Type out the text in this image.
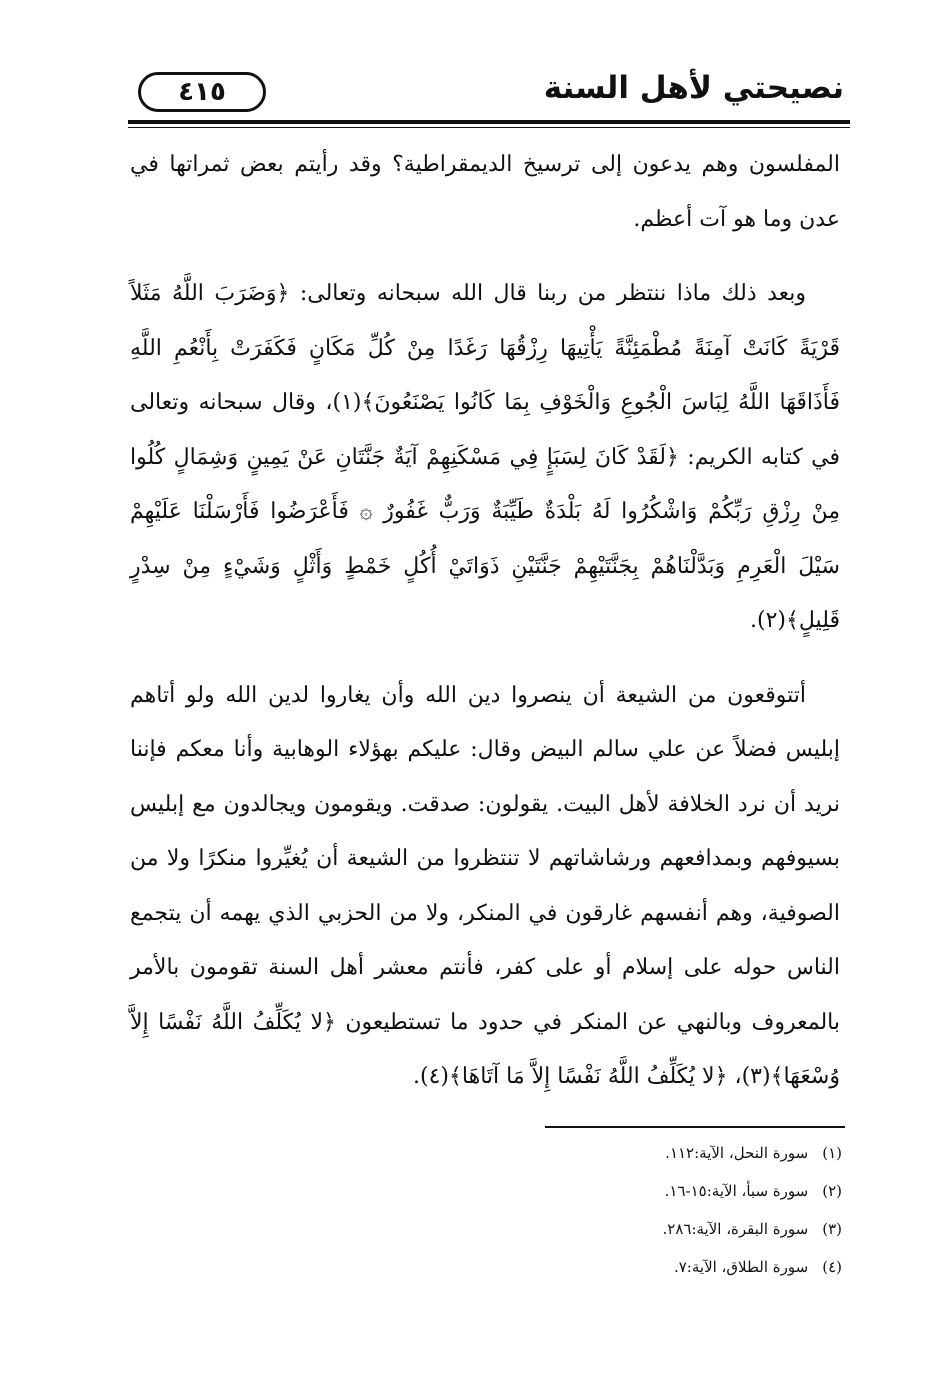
نصيحتي لأهل السنة
٤١٥

المفلسون وهم يدعون إلى ترسيخ الديمقراطية؟ وقد رأيتم بعض ثمراتها في عدن وما هو آت أعظم.

وبعد ذلك ماذا ننتظر من ربنا قال الله سبحانه وتعالى: ﴿وَضَرَبَ اللَّهُ مَثَلاً قَرْيَةً كَانَتْ آمِنَةً مُطْمَئِنَّةً يَأْتِيهَا رِزْقُهَا رَغَدًا مِنْ كُلِّ مَكَانٍ فَكَفَرَتْ بِأَنْعُمِ اللَّهِ فَأَذَاقَهَا اللَّهُ لِبَاسَ الْجُوعِ وَالْخَوْفِ بِمَا كَانُوا يَصْنَعُونَ﴾(١)، وقال سبحانه وتعالى في كتابه الكريم: ﴿لَقَدْ كَانَ لِسَبَإٍ فِي مَسْكَنِهِمْ آيَةٌ جَنَّتَانِ عَنْ يَمِينٍ وَشِمَالٍ كُلُوا مِنْ رِزْقِ رَبِّكُمْ وَاشْكُرُوا لَهُ بَلْدَةٌ طَيِّبَةٌ وَرَبٌّ غَفُورٌ ۞ فَأَعْرَضُوا فَأَرْسَلْنَا عَلَيْهِمْ سَيْلَ الْعَرِمِ وَبَدَّلْنَاهُمْ بِجَنَّتَيْهِمْ جَنَّتَيْنِ ذَوَاتَيْ أُكُلٍ خَمْطٍ وَأَثْلٍ وَشَيْءٍ مِنْ سِدْرٍ قَلِيلٍ﴾(٢).

أتتوقعون من الشيعة أن ينصروا دين الله وأن يغاروا لدين الله ولو أتاهم إبليس فضلاً عن علي سالم البيض وقال: عليكم بهؤلاء الوهابية وأنا معكم فإننا نريد أن نرد الخلافة لأهل البيت. يقولون: صدقت. ويقومون ويجالدون مع إبليس بسيوفهم وبمدافعهم ورشاشاتهم لا تنتظروا من الشيعة أن يُغيِّروا منكرًا ولا من الصوفية، وهم أنفسهم غارقون في المنكر، ولا من الحزبي الذي يهمه أن يتجمع الناس حوله على إسلام أو على كفر، فأنتم معشر أهل السنة تقومون بالأمر بالمعروف وبالنهي عن المنكر في حدود ما تستطيعون ﴿لا يُكَلِّفُ اللَّهُ نَفْسًا إِلاَّ وُسْعَهَا﴾(٣)، ﴿لا يُكَلِّفُ اللَّهُ نَفْسًا إِلاَّ مَا آتَاهَا﴾(٤).

(١)
سورة النحل، الآية:١١٢.
(٢)
سورة سبأ، الآية:١٥-١٦.
(٣)
سورة البقرة، الآية:٢٨٦.
(٤)
سورة الطلاق، الآية:٧.
